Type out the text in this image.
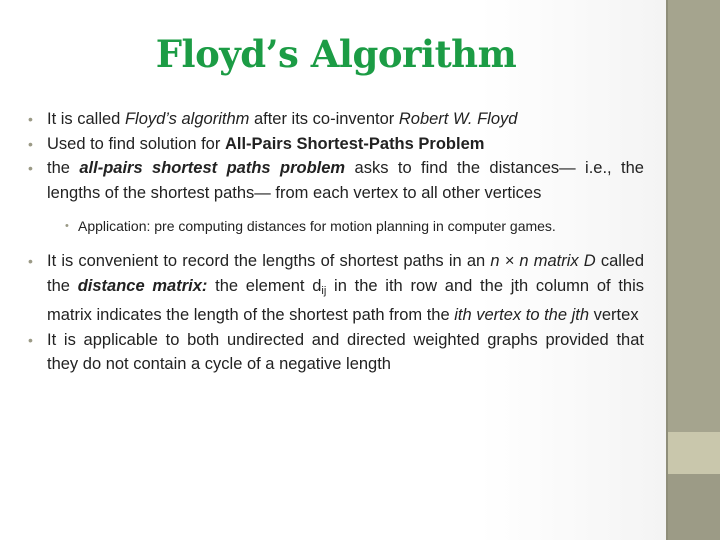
Floyd’s Algorithm
• It is called Floyd’s algorithm after its co-inventor Robert W. Floyd
• Used to find solution for All-Pairs Shortest-Paths Problem
• the all-pairs shortest paths problem asks to find the distances— i.e., the lengths of the shortest paths— from each vertex to all other vertices
• Application: pre computing distances for motion planning in computer games.
• It is convenient to record the lengths of shortest paths in an n × n matrix D called the distance matrix: the element $d_{ij}$ in the ith row and the jth column of this matrix indicates the length of the shortest path from the ith vertex to the jth vertex
• It is applicable to both undirected and directed weighted graphs provided that they do not contain a cycle of a negative length
